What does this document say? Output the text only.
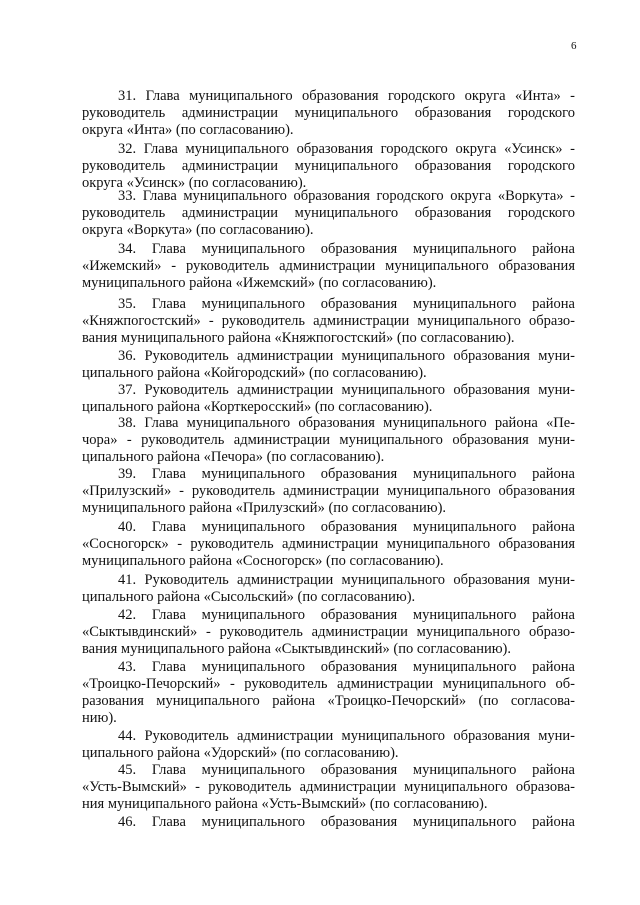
6
31. Глава муниципального образования городского округа «Инта» -
руководитель администрации муниципального образования городского
округа «Инта» (по согласованию).
32. Глава муниципального образования городского округа «Усинск» -
руководитель администрации муниципального образования городского
округа «Усинск» (по согласованию).
33. Глава муниципального образования городского округа «Воркута» -
руководитель администрации муниципального образования городского
округа «Воркута» (по согласованию).
34. Глава муниципального образования муниципального района
«Ижемский» - руководитель администрации муниципального образования
муниципального района «Ижемский» (по согласованию).
35. Глава муниципального образования муниципального района
«Княжпогостский» - руководитель администрации муниципального образо-
вания муниципального района «Княжпогостский» (по согласованию).
36. Руководитель администрации муниципального образования муни-
ципального района «Койгородский» (по согласованию).
37. Руководитель администрации муниципального образования муни-
ципального района «Корткеросский» (по согласованию).
38. Глава муниципального образования муниципального района «Пе-
чора» - руководитель администрации муниципального образования муни-
ципального района «Печора» (по согласованию).
39. Глава муниципального образования муниципального района
«Прилузский» - руководитель администрации муниципального образования
муниципального района «Прилузский» (по согласованию).
40. Глава муниципального образования муниципального района
«Сосногорск» - руководитель администрации муниципального образования
муниципального района «Сосногорск» (по согласованию).
41. Руководитель администрации муниципального образования муни-
ципального района «Сысольский» (по согласованию).
42. Глава муниципального образования муниципального района
«Сыктывдинский» - руководитель администрации муниципального образо-
вания муниципального района «Сыктывдинский» (по согласованию).
43. Глава муниципального образования муниципального района
«Троицко-Печорский» - руководитель администрации муниципального об-
разования муниципального района «Троицко-Печорский» (по согласова-
нию).
44. Руководитель администрации муниципального образования муни-
ципального района «Удорский» (по согласованию).
45. Глава муниципального образования муниципального района
«Усть-Вымский» - руководитель администрации муниципального образова-
ния муниципального района «Усть-Вымский» (по согласованию).
46. Глава муниципального образования муниципального района
